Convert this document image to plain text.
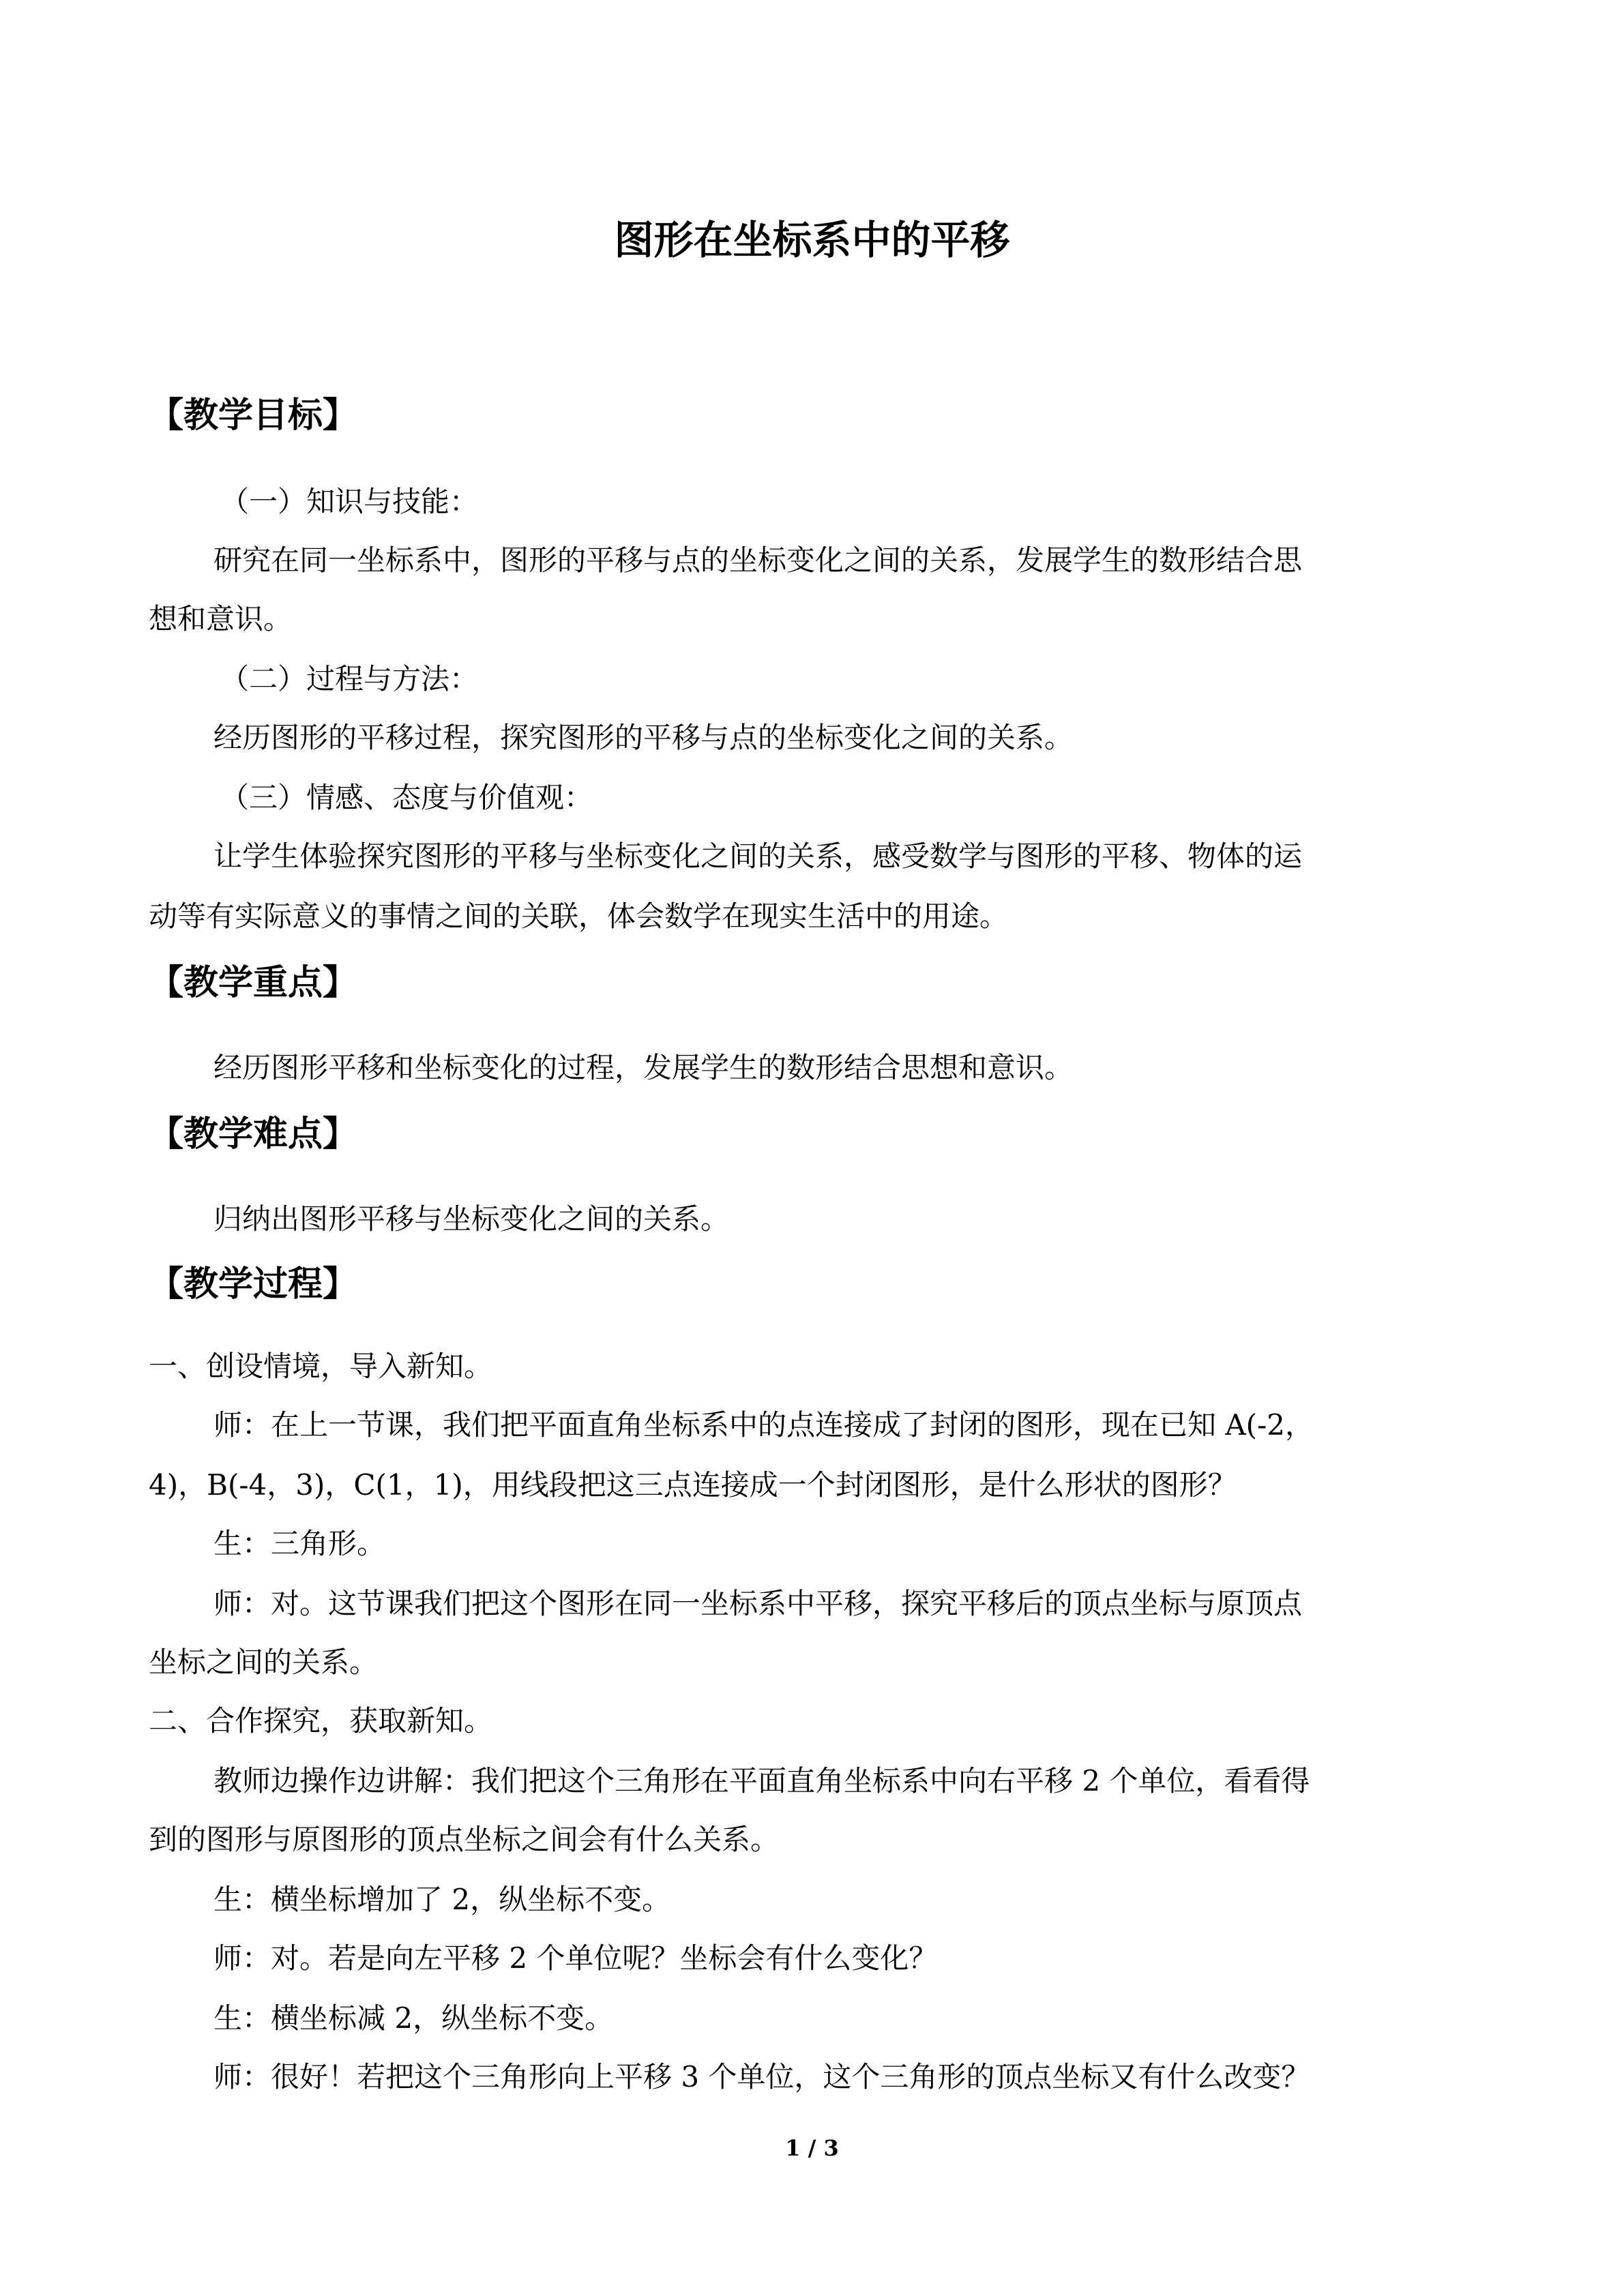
图形在坐标系中的平移
【教学目标】

（一）知识与技能：

研究在同一坐标系中，图形的平移与点的坐标变化之间的关系，发展学生的数形结合思

想和意识。

（二）过程与方法：

经历图形的平移过程，探究图形的平移与点的坐标变化之间的关系。

（三）情感、态度与价值观：

让学生体验探究图形的平移与坐标变化之间的关系，感受数学与图形的平移、物体的运

动等有实际意义的事情之间的关联，体会数学在现实生活中的用途。

【教学重点】

经历图形平移和坐标变化的过程，发展学生的数形结合思想和意识。

【教学难点】

归纳出图形平移与坐标变化之间的关系。

【教学过程】

一、创设情境，导入新知。

师：在上一节课，我们把平面直角坐标系中的点连接成了封闭的图形，现在已知 A(-2，

4)，B(-4，3)，C(1，1)，用线段把这三点连接成一个封闭图形，是什么形状的图形？

生：三角形。

师：对。这节课我们把这个图形在同一坐标系中平移，探究平移后的顶点坐标与原顶点

坐标之间的关系。

二、合作探究，获取新知。

教师边操作边讲解：我们把这个三角形在平面直角坐标系中向右平移 2 个单位，看看得

到的图形与原图形的顶点坐标之间会有什么关系。

生：横坐标增加了 2，纵坐标不变。

师：对。若是向左平移 2 个单位呢？坐标会有什么变化？

生：横坐标减 2，纵坐标不变。

师：很好！若把这个三角形向上平移 3 个单位，这个三角形的顶点坐标又有什么改变？

1 / 3
